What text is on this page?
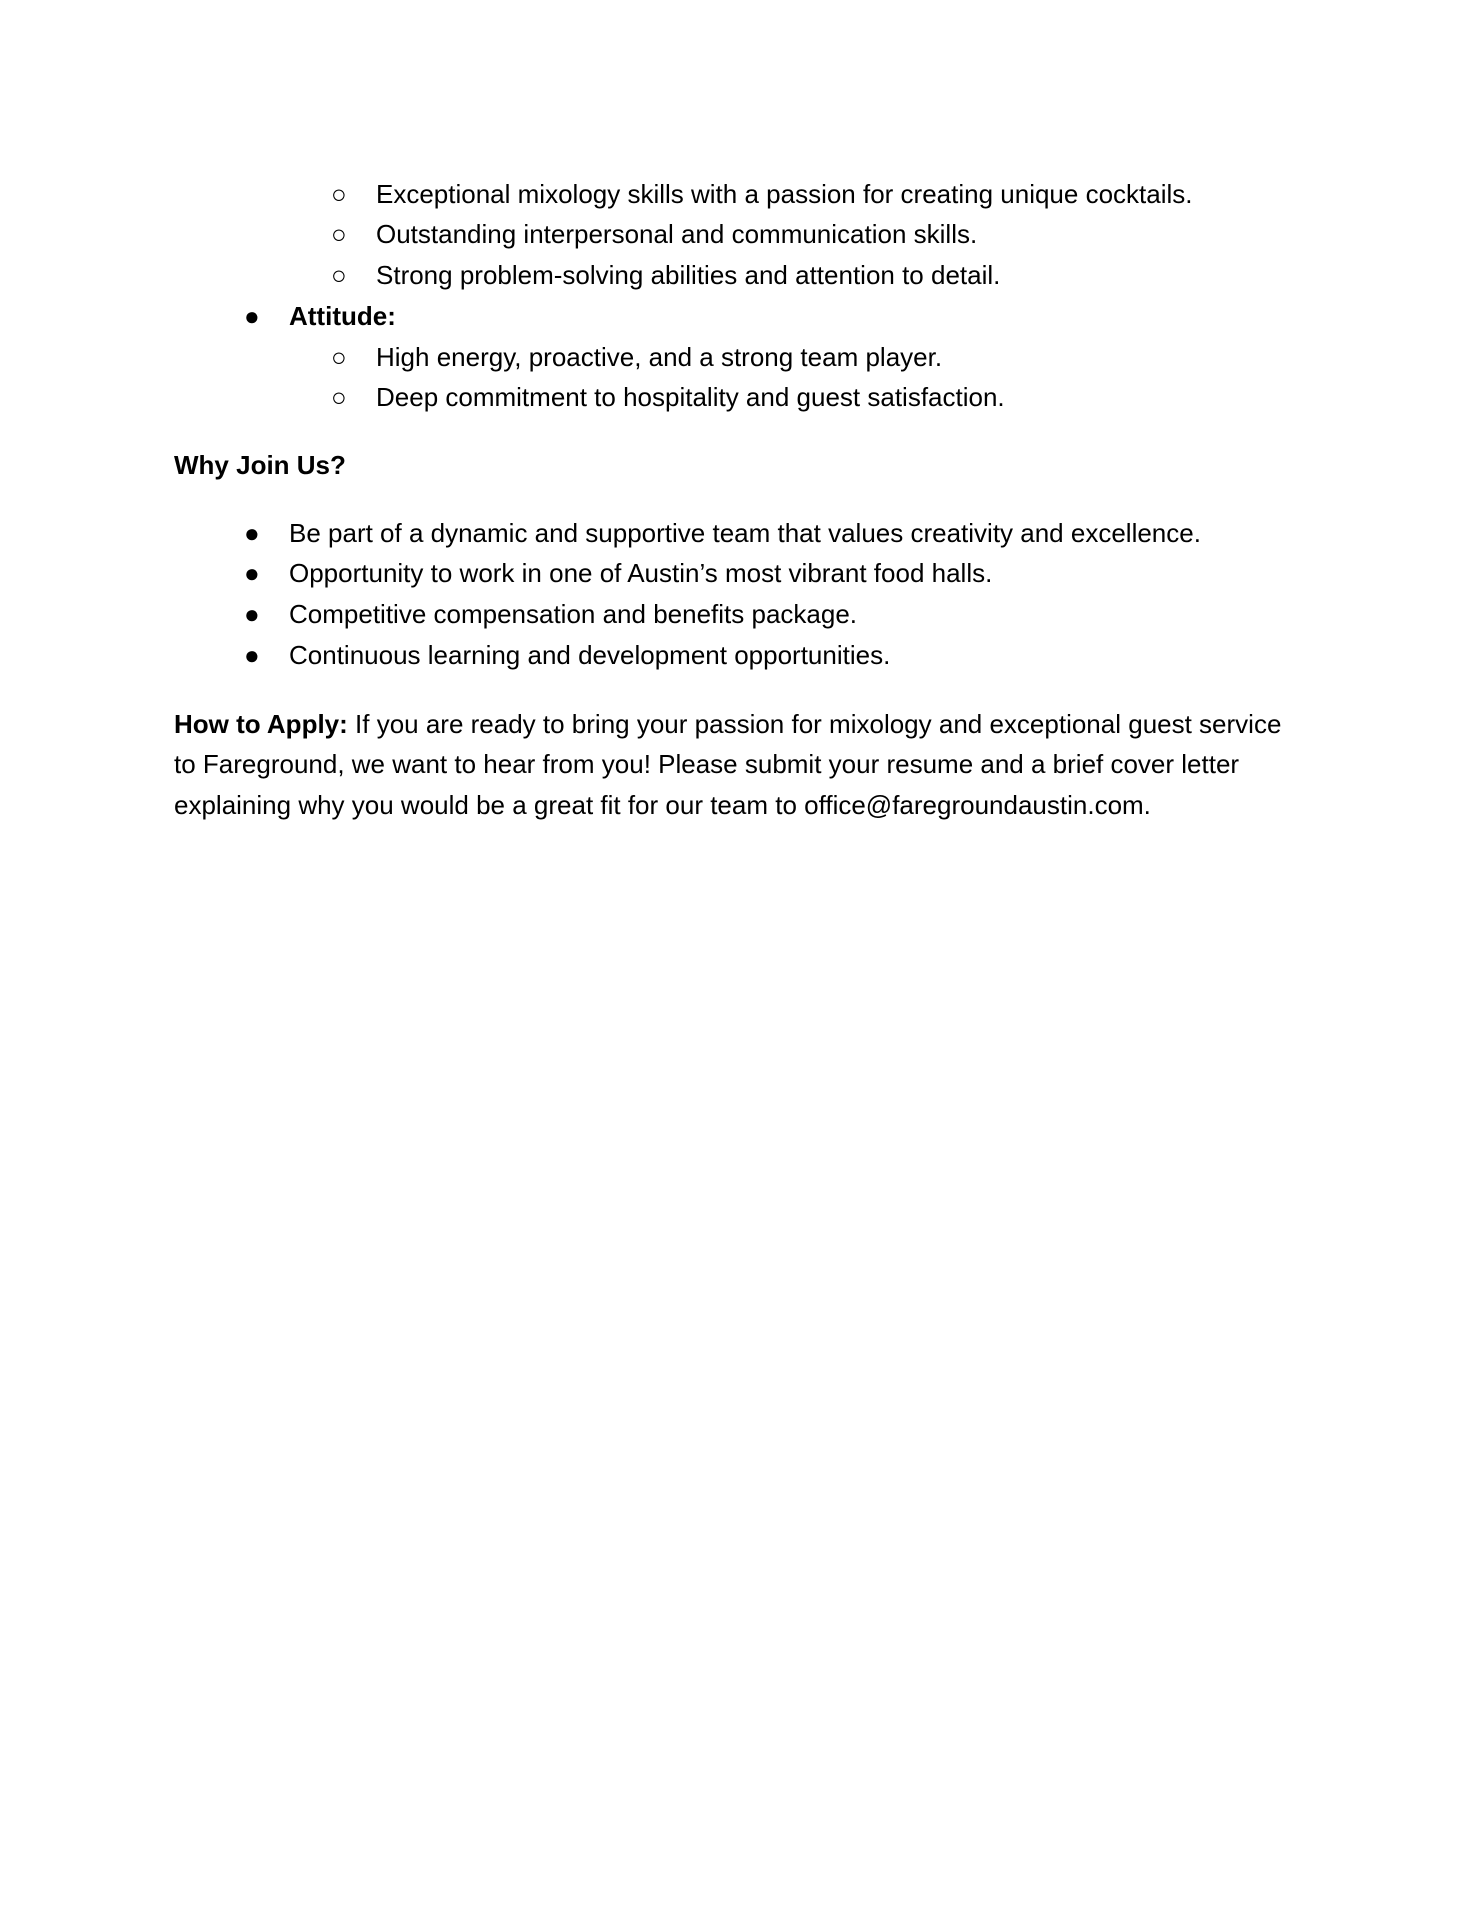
○ Exceptional mixology skills with a passion for creating unique cocktails.
○ Outstanding interpersonal and communication skills.
○ Strong problem-solving abilities and attention to detail.
● Attitude:
○ High energy, proactive, and a strong team player.
○ Deep commitment to hospitality and guest satisfaction.
Why Join Us?
● Be part of a dynamic and supportive team that values creativity and excellence.
● Opportunity to work in one of Austin’s most vibrant food halls.
● Competitive compensation and benefits package.
● Continuous learning and development opportunities.
How to Apply: If you are ready to bring your passion for mixology and exceptional guest service
to Fareground, we want to hear from you! Please submit your resume and a brief cover letter
explaining why you would be a great fit for our team to office@faregroundaustin.com.
